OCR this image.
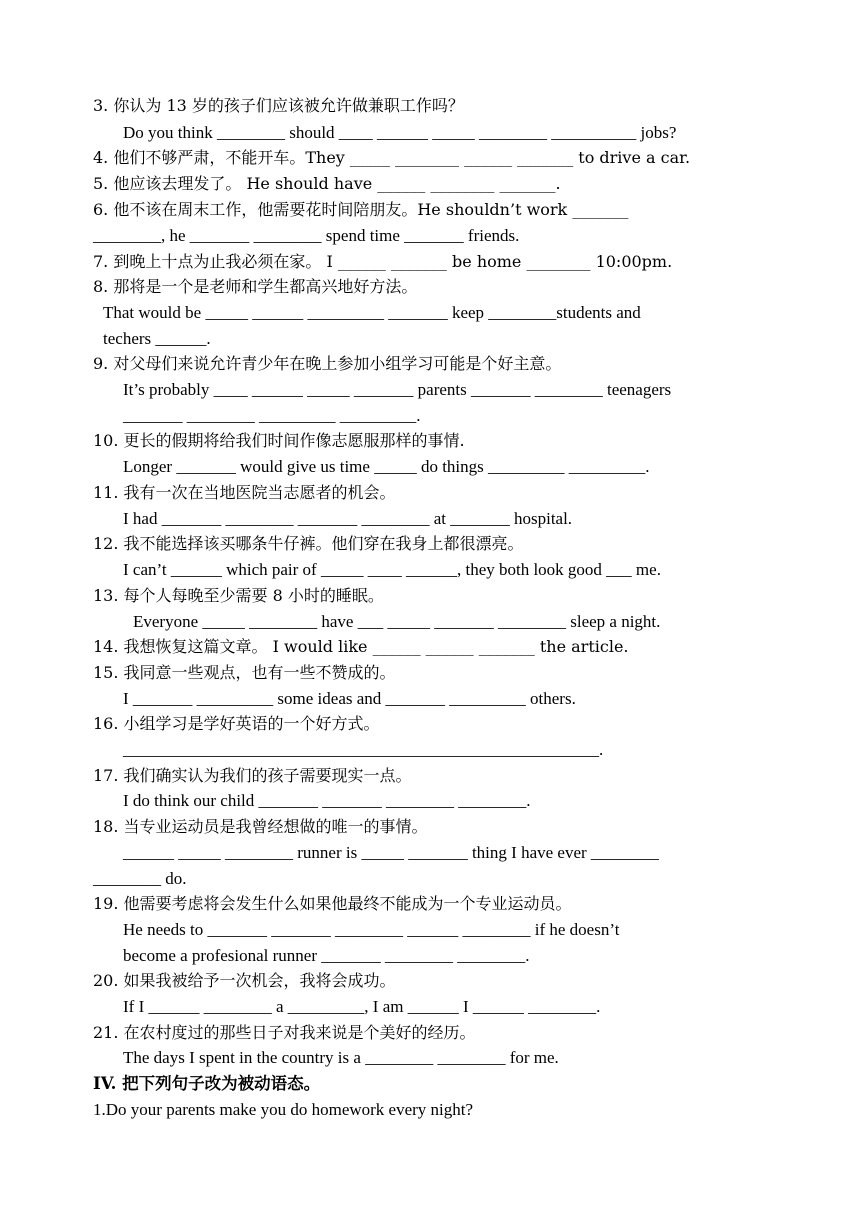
3. 你认为 13 岁的孩子们应该被允许做兼职工作吗？
Do you think ________ should ____ ______ _____ ________ __________ jobs?
4. 他们不够严肃，不能开车。They _____ ________ ______ _______ to drive a car.
5. 他应该去理发了。 He should have ______ ________ _______.
6. 他不该在周末工作，他需要花时间陪朋友。He shouldn’t work _______
________, he _______ ________ spend time _______ friends.
7. 到晚上十点为止我必须在家。 I ______ _______ be home ________ 10:00pm.
8. 那将是一个是老师和学生都高兴地好方法。
That would be _____ ______ _________ _______ keep ________students and
techers ______.
9. 对父母们来说允许青少年在晚上参加小组学习可能是个好主意。
It’s probably ____ ______ _____ _______ parents _______ ________ teenagers
_______ ________ _________ _________.
10. 更长的假期将给我们时间作像志愿服那样的事情.
Longer _______ would give us time _____ do things _________ _________.
11. 我有一次在当地医院当志愿者的机会。
I had _______ ________ _______ ________ at _______ hospital.
12. 我不能选择该买哪条牛仔裤。他们穿在我身上都很漂亮。
I can’t ______ which pair of _____ ____ ______, they both look good ___ me.
13. 每个人每晚至少需要 8 小时的睡眠。
Everyone _____ ________ have ___ _____ _______ ________ sleep a night.
14. 我想恢复这篇文章。 I would like ______ ______ _______ the article.
15. 我同意一些观点，也有一些不赞成的。
I _______ _________ some ideas and _______ _________ others.
16. 小组学习是学好英语的一个好方式。
________________________________________________________.
17. 我们确实认为我们的孩子需要现实一点。
I do think our child _______ _______ ________ ________.
18. 当专业运动员是我曾经想做的唯一的事情。
______ _____ ________ runner is _____ _______ thing I have ever ________
________ do.
19. 他需要考虑将会发生什么如果他最终不能成为一个专业运动员。
He needs to _______ _______ ________ ______ ________ if he doesn’t
become a profesional runner _______ ________ ________.
20. 如果我被给予一次机会，我将会成功。
If I ______ ________ a _________, I am ______ I ______ ________.
21. 在农村度过的那些日子对我来说是个美好的经历。
The days I spent in the country is a ________ ________ for me.
IV. 把下列句子改为被动语态。
1.Do your parents make you do homework every night?
